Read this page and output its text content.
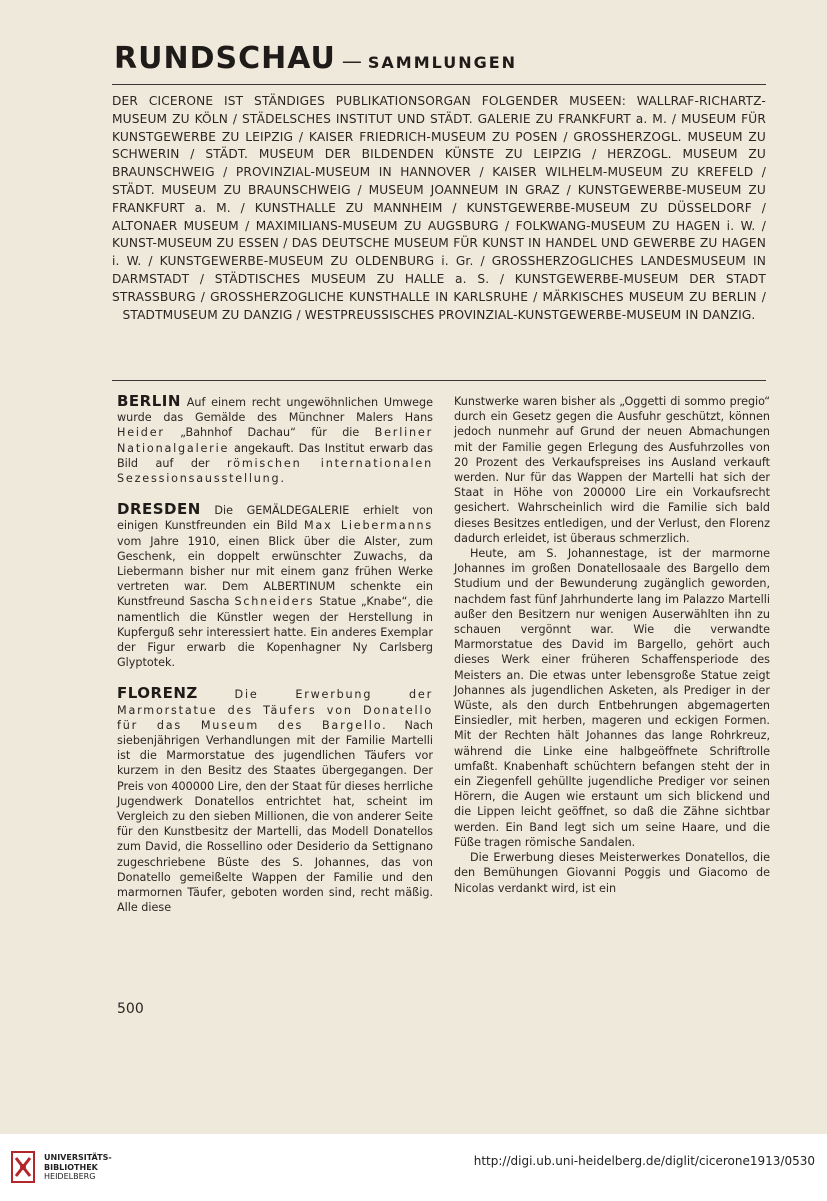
RUNDSCHAU — SAMMLUNGEN
DER CICERONE IST STÄNDIGES PUBLIKATIONSORGAN FOLGENDER MUSEEN: WALLRAF-RICHARTZ-MUSEUM ZU KÖLN / STÄDELSCHES INSTITUT UND STÄDT. GALERIE ZU FRANKFURT a. M. / MUSEUM FÜR KUNSTGEWERBE ZU LEIPZIG / KAISER FRIEDRICH-MUSEUM ZU POSEN / GROSSHERZOGL. MUSEUM ZU SCHWERIN / STÄDT. MUSEUM DER BILDENDEN KÜNSTE ZU LEIPZIG / HERZOGL. MUSEUM ZU BRAUNSCHWEIG / PROVINZIAL-MUSEUM IN HANNOVER / KAISER WILHELM-MUSEUM ZU KREFELD / STÄDT. MUSEUM ZU BRAUNSCHWEIG / MUSEUM JOANNEUM IN GRAZ / KUNSTGEWERBE-MUSEUM ZU FRANKFURT a. M. / KUNSTHALLE ZU MANNHEIM / KUNSTGEWERBE-MUSEUM ZU DÜSSELDORF / ALTONAER MUSEUM / MAXIMILIANS-MUSEUM ZU AUGSBURG / FOLKWANG-MUSEUM ZU HAGEN i. W. / KUNST-MUSEUM ZU ESSEN / DAS DEUTSCHE MUSEUM FÜR KUNST IN HANDEL UND GEWERBE ZU HAGEN i. W. / KUNSTGEWERBE-MUSEUM ZU OLDENBURG i. Gr. / GROSSHERZOGLICHES LANDESMUSEUM IN DARMSTADT / STÄDTISCHES MUSEUM ZU HALLE a. S. / KUNSTGEWERBE-MUSEUM DER STADT STRASSBURG / GROSSHERZOGLICHE KUNSTHALLE IN KARLSRUHE / MÄRKISCHES MUSEUM ZU BERLIN / STADTMUSEUM ZU DANZIG / WESTPREUSSISCHES PROVINZIAL-KUNSTGEWERBE-MUSEUM IN DANZIG.

BERLIN Auf einem recht ungewöhnlichen Umwege wurde das Gemälde des Münchner Malers Hans Heider „Bahnhof Dachau“ für die Berliner Nationalgalerie angekauft. Das Institut erwarb das Bild auf der römischen internationalen Sezessionsausstellung.

DRESDEN Die GEMÄLDEGALERIE erhielt von einigen Kunstfreunden ein Bild Max Liebermanns vom Jahre 1910, einen Blick über die Alster, zum Geschenk, ein doppelt erwünschter Zuwachs, da Liebermann bisher nur mit einem ganz frühen Werke vertreten war. Dem ALBERTINUM schenkte ein Kunstfreund Sascha Schneiders Statue „Knabe“, die namentlich die Künstler wegen der Herstellung in Kupferguß sehr interessiert hatte. Ein anderes Exemplar der Figur erwarb die Kopenhagner Ny Carlsberg Glyptotek.

FLORENZ Die Erwerbung der Marmorstatue des Täufers von Donatello für das Museum des Bargello. Nach siebenjährigen Verhandlungen mit der Familie Martelli ist die Marmorstatue des jugendlichen Täufers vor kurzem in den Besitz des Staates übergegangen. Der Preis von 400000 Lire, den der Staat für dieses herrliche Jugendwerk Donatellos entrichtet hat, scheint im Vergleich zu den sieben Millionen, die von anderer Seite für den Kunstbesitz der Martelli, das Modell Donatellos zum David, die Rossellino oder Desiderio da Settignano zugeschriebene Büste des S. Johannes, das von Donatello gemeißelte Wappen der Familie und den marmornen Täufer, geboten worden sind, recht mäßig. Alle diese

Kunstwerke waren bisher als „Oggetti di sommo pregio“ durch ein Gesetz gegen die Ausfuhr geschützt, können jedoch nunmehr auf Grund der neuen Abmachungen mit der Familie gegen Erlegung des Ausfuhrzolles von 20 Prozent des Verkaufspreises ins Ausland verkauft werden. Nur für das Wappen der Martelli hat sich der Staat in Höhe von 200000 Lire ein Vorkaufsrecht gesichert. Wahrscheinlich wird die Familie sich bald dieses Besitzes entledigen, und der Verlust, den Florenz dadurch erleidet, ist überaus schmerzlich.

Heute, am S. Johannestage, ist der marmorne Johannes im großen Donatellosaale des Bargello dem Studium und der Bewunderung zugänglich geworden, nachdem fast fünf Jahrhunderte lang im Palazzo Martelli außer den Besitzern nur wenigen Auserwählten ihn zu schauen vergönnt war. Wie die verwandte Marmorstatue des David im Bargello, gehört auch dieses Werk einer früheren Schaffensperiode des Meisters an. Die etwas unter lebensgroße Statue zeigt Johannes als jugendlichen Asketen, als Prediger in der Wüste, als den durch Entbehrungen abgemagerten Einsiedler, mit herben, mageren und eckigen Formen. Mit der Rechten hält Johannes das lange Rohrkreuz, während die Linke eine halbgeöffnete Schriftrolle umfaßt. Knabenhaft schüchtern befangen steht der in ein Ziegenfell gehüllte jugendliche Prediger vor seinen Hörern, die Augen wie erstaunt um sich blickend und die Lippen leicht geöffnet, so daß die Zähne sichtbar werden. Ein Band legt sich um seine Haare, und die Füße tragen römische Sandalen.

Die Erwerbung dieses Meisterwerkes Donatellos, die den Bemühungen Giovanni Poggis und Giacomo de Nicolas verdankt wird, ist ein

500
UNIVERSITÄTS-
BIBLIOTHEK
HEIDELBERG
http://digi.ub.uni-heidelberg.de/diglit/cicerone1913/0530
